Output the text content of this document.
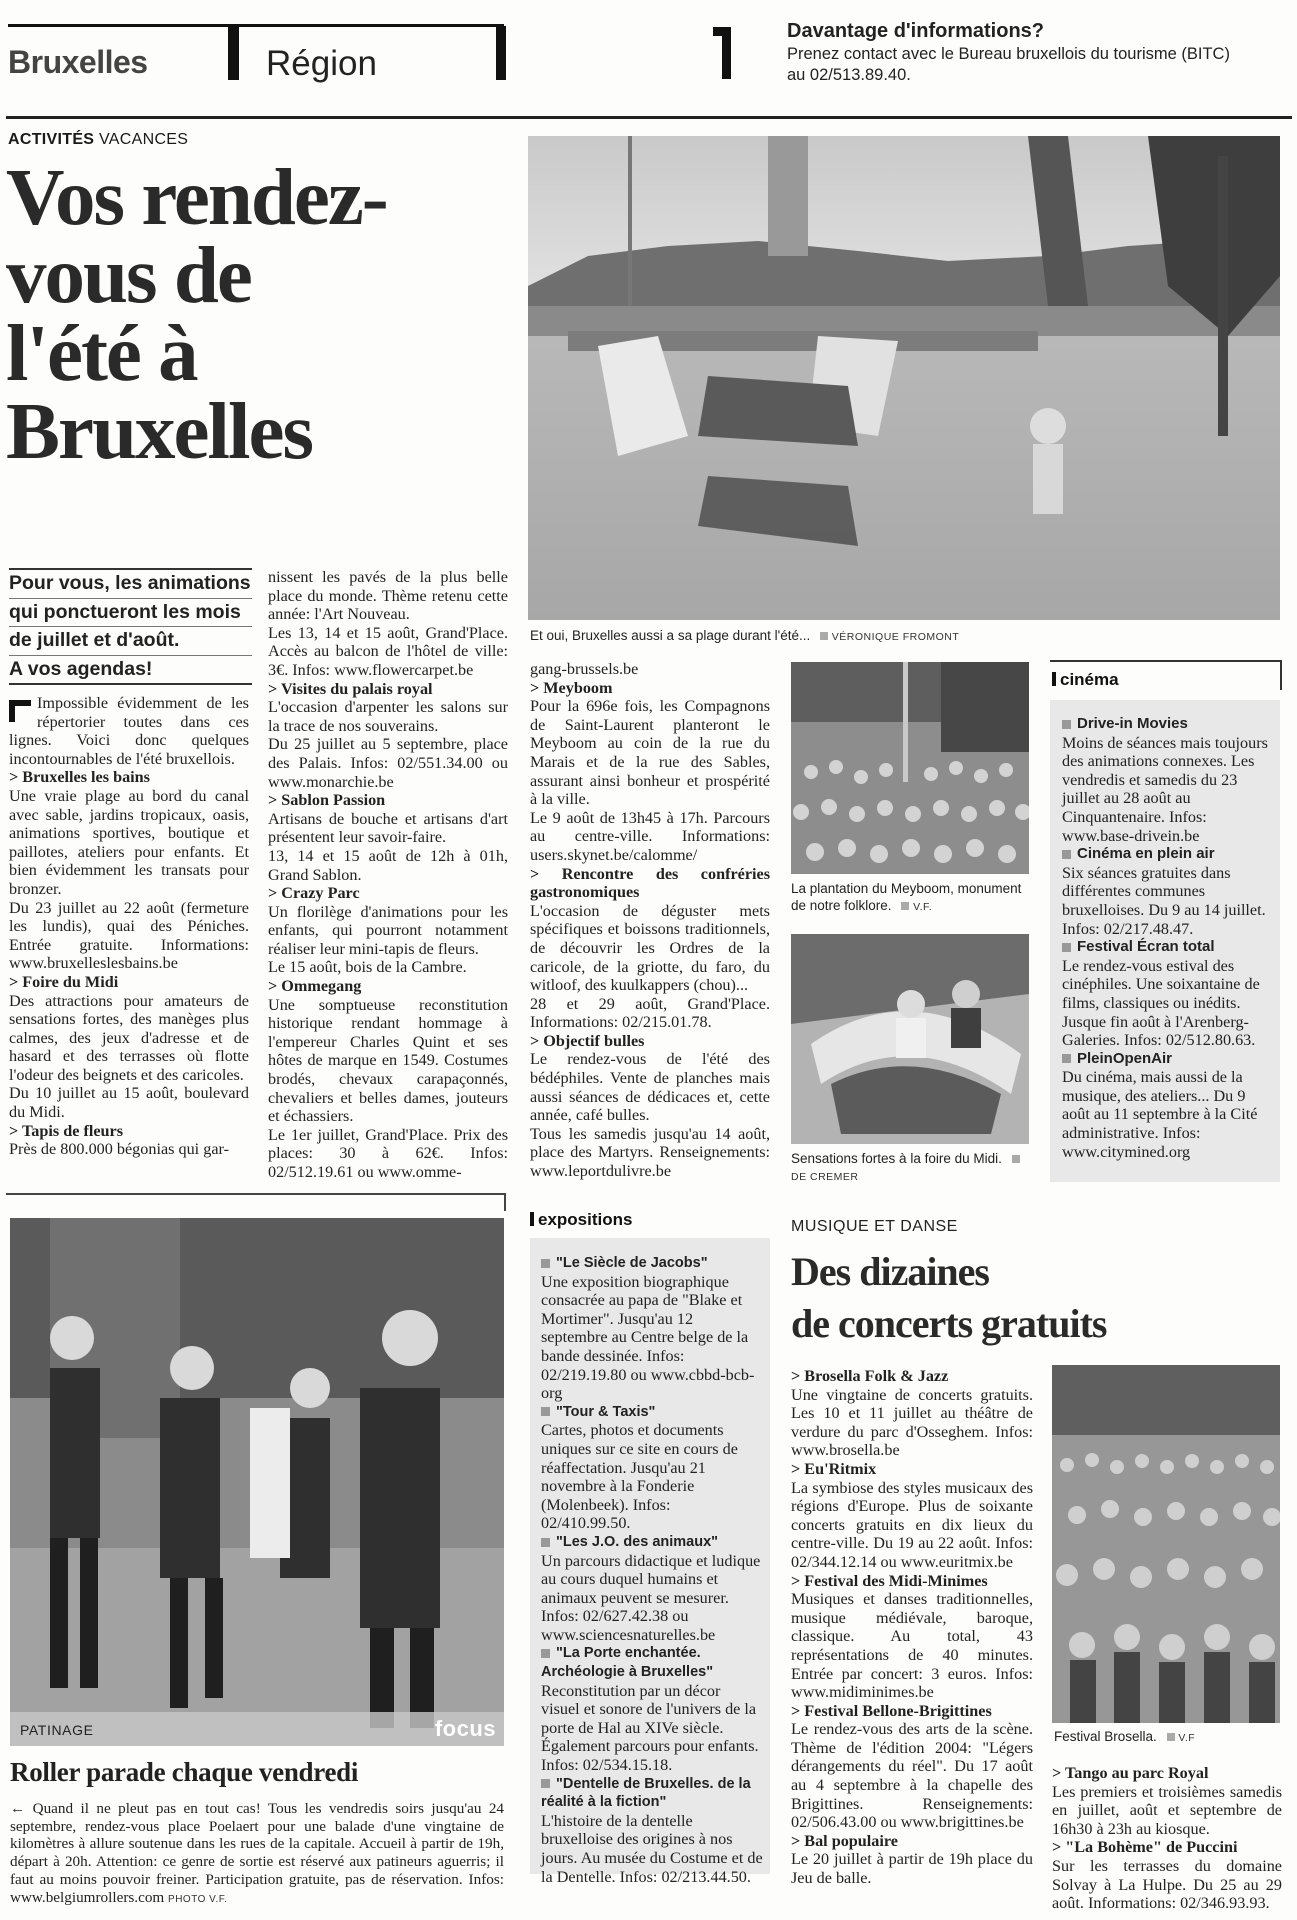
Bruxelles	Région
Davantage d'informations?
Prenez contact avec le Bureau bruxellois du tourisme (BITC)
au 02/513.89.40.
ACTIVITÉS VACANCES
Vos rendez-
vous de
l'été à
Bruxelles
Et oui, Bruxelles aussi a sa plage durant l'été... VÉRONIQUE FROMONT
Pour vous, les animations
qui ponctueront les mois
de juillet et d'août.
A vos agendas!

Impossible évidemment de les répertorier toutes dans ces lignes. Voici donc quelques incontournables de l'été bruxellois.

> Bruxelles les bains

Une vraie plage au bord du canal avec sable, jardins tropicaux, oasis, animations sportives, boutique et paillotes, ateliers pour enfants. Et bien évidemment les transats pour bronzer.

Du 23 juillet au 22 août (fermeture les lundis), quai des Péniches. Entrée gratuite. Informations: www.bruxelleslesbains.be

> Foire du Midi

Des attractions pour amateurs de sensations fortes, des manèges plus calmes, des jeux d'adresse et de hasard et des terrasses où flotte l'odeur des beignets et des caricoles.

Du 10 juillet au 15 août, boulevard du Midi.

> Tapis de fleurs

Près de 800.000 bégonias qui gar-

nissent les pavés de la plus belle place du monde. Thème retenu cette année: l'Art Nouveau.

Les 13, 14 et 15 août, Grand'Place. Accès au balcon de l'hôtel de ville: 3€. Infos: www.flowercarpet.be

> Visites du palais royal

L'occasion d'arpenter les salons sur la trace de nos souverains.

Du 25 juillet au 5 septembre, place des Palais. Infos: 02/551.34.00 ou www.monarchie.be

> Sablon Passion

Artisans de bouche et artisans d'art présentent leur savoir-faire.

13, 14 et 15 août de 12h à 01h, Grand Sablon.

> Crazy Parc

Un florilège d'animations pour les enfants, qui pourront notamment réaliser leur mini-tapis de fleurs.

Le 15 août, bois de la Cambre.

> Ommegang

Une somptueuse reconstitution historique rendant hommage à l'empereur Charles Quint et ses hôtes de marque en 1549. Costumes brodés, chevaux carapaçonnés, chevaliers et belles dames, jouteurs et échassiers.

Le 1er juillet, Grand'Place. Prix des places: 30 à 62€. Infos: 02/512.19.61 ou www.omme-

gang-brussels.be

> Meyboom

Pour la 696e fois, les Compagnons de Saint-Laurent planteront le Meyboom au coin de la rue du Marais et de la rue des Sables, assurant ainsi bonheur et prospérité à la ville.

Le 9 août de 13h45 à 17h. Parcours au centre-ville. Informations: users.skynet.be/calomme/

> Rencontre des confréries gastronomiques

L'occasion de déguster mets spécifiques et boissons traditionnels, de découvrir les Ordres de la caricole, de la griotte, du faro, du witloof, des kuulkappers (chou)...

28 et 29 août, Grand'Place. Informations: 02/215.01.78.

> Objectif bulles

Le rendez-vous de l'été des bédéphiles. Vente de planches mais aussi séances de dédicaces et, cette année, café bulles.

Tous les samedis jusqu'au 14 août, place des Martyrs. Renseignements: www.leportdulivre.be

La plantation du Meyboom, monument de notre folklore. V.F.
Sensations fortes à la foire du Midi.  DE CREMER
cinéma

Drive-in Movies

Moins de séances mais toujours des animations connexes. Les vendredis et samedis du 23 juillet au 28 août au Cinquantenaire. Infos: www.base-drivein.be

Cinéma en plein air

Six séances gratuites dans différentes communes bruxelloises. Du 9 au 14 juillet. Infos: 02/217.48.47.

Festival Écran total

Le rendez-vous estival des cinéphiles. Une soixantaine de films, classiques ou inédits. Jusque fin août à l'Arenberg-Galeries. Infos: 02/512.80.63.

PleinOpenAir

Du cinéma, mais aussi de la musique, des ateliers... Du 9 août au 11 septembre à la Cité administrative. Infos: www.citymined.org

PATINAGE	focus
Roller parade chaque vendredi
← Quand il ne pleut pas en tout cas! Tous les vendredis soirs jusqu'au 24 septembre, rendez-vous place Poelaert pour une balade d'une vingtaine de kilomètres à allure soutenue dans les rues de la capitale. Accueil à partir de 19h, départ à 20h. Attention: ce genre de sortie est réservé aux patineurs aguerris; il faut au moins pouvoir freiner. Participation gratuite, pas de réservation. Infos: www.belgiumrollers.com PHOTO V.F.
expositions

"Le Siècle de Jacobs"

Une exposition biographique consacrée au papa de "Blake et Mortimer". Jusqu'au 12 septembre au Centre belge de la bande dessinée. Infos: 02/219.19.80 ou www.cbbd-bcb-org

"Tour & Taxis"

Cartes, photos et documents uniques sur ce site en cours de réaffectation. Jusqu'au 21 novembre à la Fonderie (Molenbeek). Infos: 02/410.99.50.

"Les J.O. des animaux"

Un parcours didactique et ludique au cours duquel humains et animaux peuvent se mesurer. Infos: 02/627.42.38 ou www.sciencesnaturelles.be

"La Porte enchantée. Archéologie à Bruxelles"

Reconstitution par un décor visuel et sonore de l'univers de la porte de Hal au XIVe siècle. Également parcours pour enfants. Infos: 02/534.15.18.

"Dentelle de Bruxelles. de la réalité à la fiction"

L'histoire de la dentelle bruxelloise des origines à nos jours. Au musée du Costume et de la Dentelle. Infos: 02/213.44.50.

MUSIQUE ET DANSE
Des dizaines
de concerts gratuits

> Brosella Folk & Jazz

Une vingtaine de concerts gratuits. Les 10 et 11 juillet au théâtre de verdure du parc d'Osseghem. Infos: www.brosella.be

> Eu'Ritmix

La symbiose des styles musicaux des régions d'Europe. Plus de soixante concerts gratuits en dix lieux du centre-ville. Du 19 au 22 août. Infos: 02/344.12.14 ou www.euritmix.be

> Festival des Midi-Minimes

Musiques et danses traditionnelles, musique médiévale, baroque, classique. Au total, 43 représentations de 40 minutes. Entrée par concert: 3 euros. Infos: www.midiminimes.be

> Festival Bellone-Brigittines

Le rendez-vous des arts de la scène. Thème de l'édition 2004: "Légers dérangements du réel". Du 17 août au 4 septembre à la chapelle des Brigittines. Renseignements: 02/506.43.00 ou www.brigittines.be

> Bal populaire

Le 20 juillet à partir de 19h place du Jeu de balle.

Festival Brosella. V.F

> Tango au parc Royal

Les premiers et troisièmes samedis en juillet, août et septembre de 16h30 à 23h au kiosque.

> "La Bohème" de Puccini

Sur les terrasses du domaine Solvay à La Hulpe. Du 25 au 29 août. Informations: 02/346.93.93.
